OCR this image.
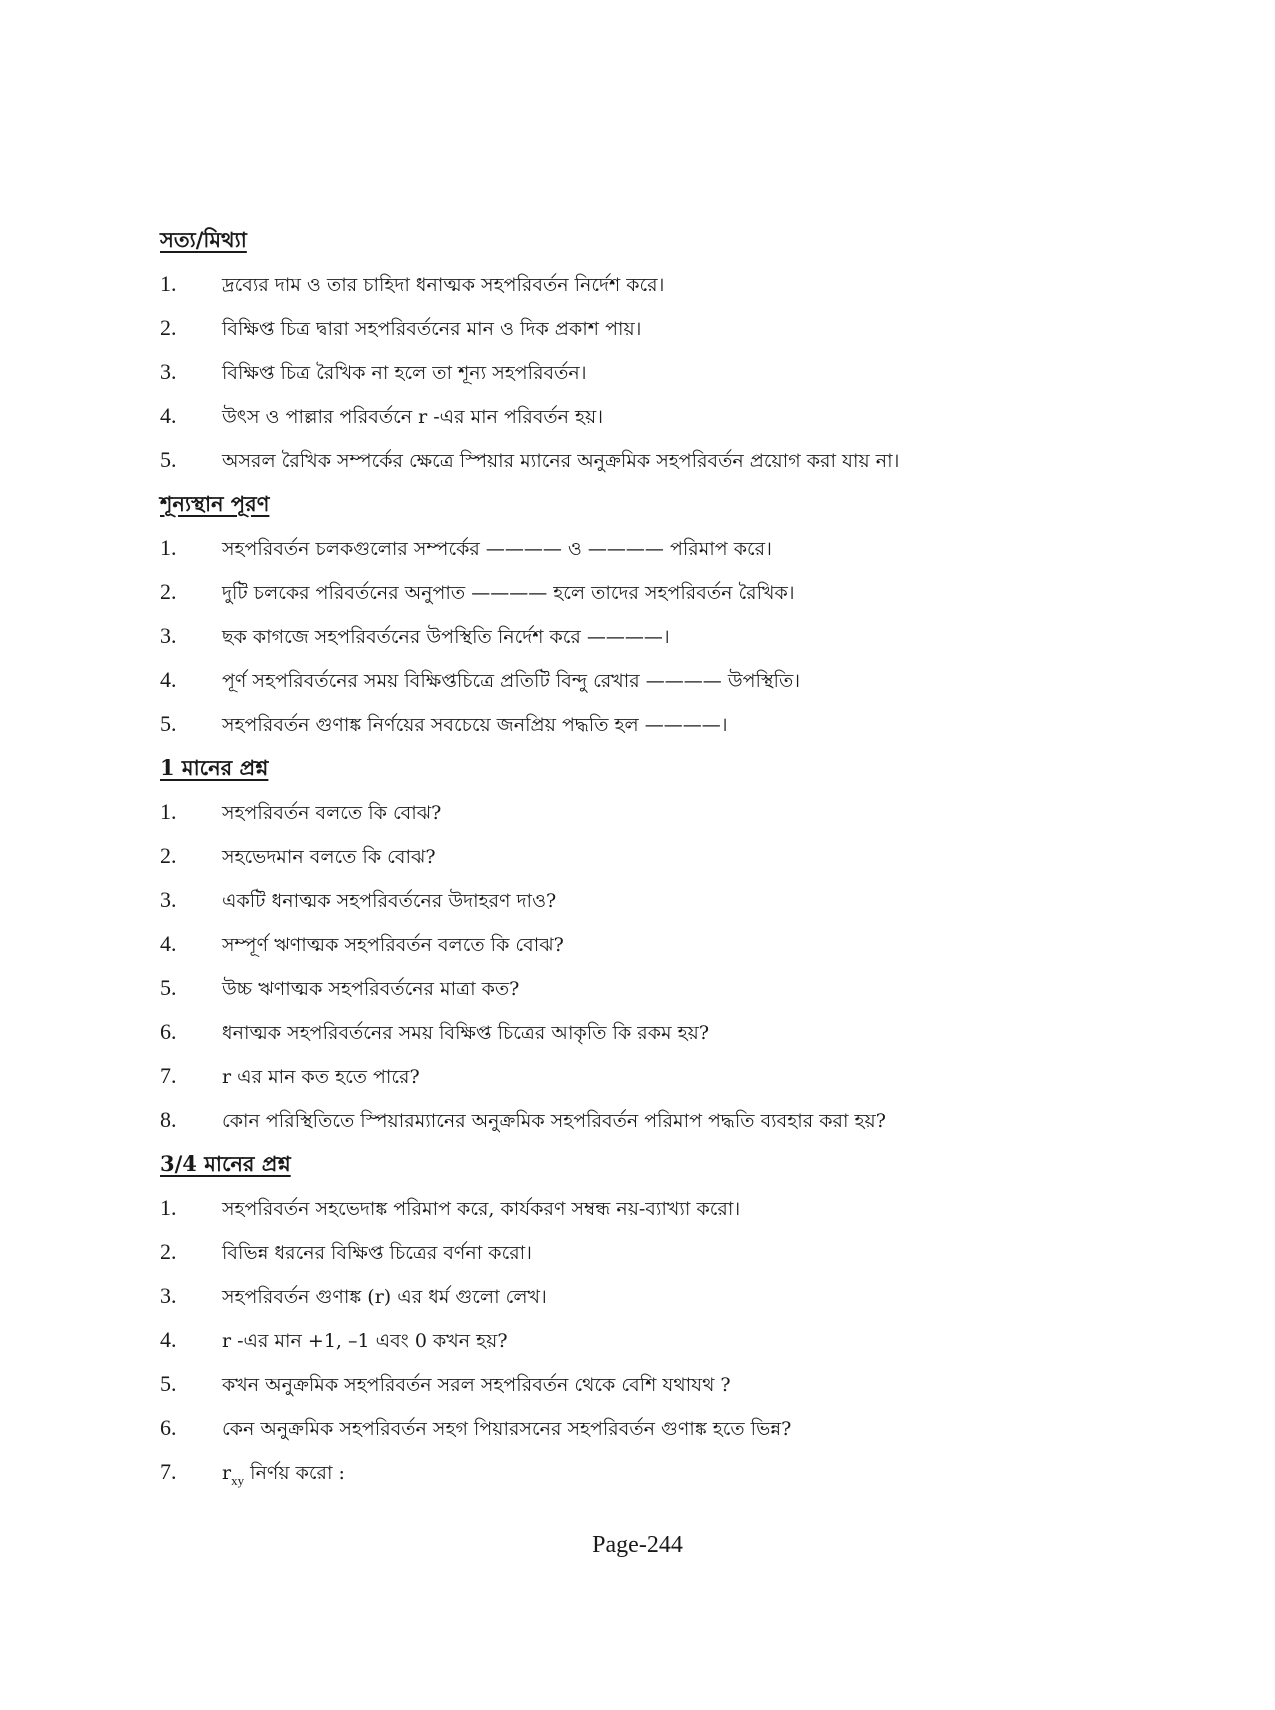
সত্য/মিথ্যা
1.	দ্রব্যের দাম ও তার চাহিদা ধনাত্মক সহপরিবর্তন নির্দেশ করে।
2.	বিক্ষিপ্ত চিত্র দ্বারা সহপরিবর্তনের মান ও দিক প্রকাশ পায়।
3.	বিক্ষিপ্ত চিত্র রৈখিক না হলে তা শূন্য সহপরিবর্তন।
4.	উৎস ও পাল্লার পরিবর্তনে r -এর মান পরিবর্তন হয়।
5.	অসরল রৈখিক সম্পর্কের ক্ষেত্রে স্পিয়ার ম্যানের অনুক্রমিক সহপরিবর্তন প্রয়োগ করা যায় না।
শূন্যস্থান পূরণ
1.	সহপরিবর্তন চলকগুলোর সম্পর্কের ———— ও ———— পরিমাপ করে।
2.	দুটি চলকের পরিবর্তনের অনুপাত ———— হলে তাদের সহপরিবর্তন রৈখিক।
3.	ছক কাগজে সহপরিবর্তনের উপস্থিতি নির্দেশ করে ————।
4.	পূর্ণ সহপরিবর্তনের সময় বিক্ষিপ্তচিত্রে প্রতিটি বিন্দু রেখার ———— উপস্থিতি।
5.	সহপরিবর্তন গুণাঙ্ক নির্ণয়ের সবচেয়ে জনপ্রিয় পদ্ধতি হল ————।
1 মানের প্রশ্ন
1.	সহপরিবর্তন বলতে কি বোঝ?
2.	সহভেদমান বলতে কি বোঝ?
3.	একটি ধনাত্মক সহপরিবর্তনের উদাহরণ দাও?
4.	সম্পূর্ণ ঋণাত্মক সহপরিবর্তন বলতে কি বোঝ?
5.	উচ্চ ঋণাত্মক সহপরিবর্তনের মাত্রা কত?
6.	ধনাত্মক সহপরিবর্তনের সময় বিক্ষিপ্ত চিত্রের আকৃতি কি রকম হয়?
7.	r এর মান কত হতে পারে?
8.	কোন পরিস্থিতিতে স্পিয়ারম্যানের অনুক্রমিক সহপরিবর্তন পরিমাপ পদ্ধতি ব্যবহার করা হয়?
3/4 মানের প্রশ্ন
1.	সহপরিবর্তন সহভেদাঙ্ক পরিমাপ করে, কার্যকরণ সম্বন্ধ নয়-ব্যাখ্যা করো।
2.	বিভিন্ন ধরনের বিক্ষিপ্ত চিত্রের বর্ণনা করো।
3.	সহপরিবর্তন গুণাঙ্ক (r) এর ধর্ম গুলো লেখ।
4.	r -এর মান +1, –1 এবং 0 কখন হয়?
5.	কখন অনুক্রমিক সহপরিবর্তন সরল সহপরিবর্তন থেকে বেশি যথাযথ ?
6.	কেন অনুক্রমিক সহপরিবর্তন সহগ পিয়ারসনের সহপরিবর্তন গুণাঙ্ক হতে ভিন্ন?
7.	$r_{xy}$ নির্ণয় করো :
Page-244
